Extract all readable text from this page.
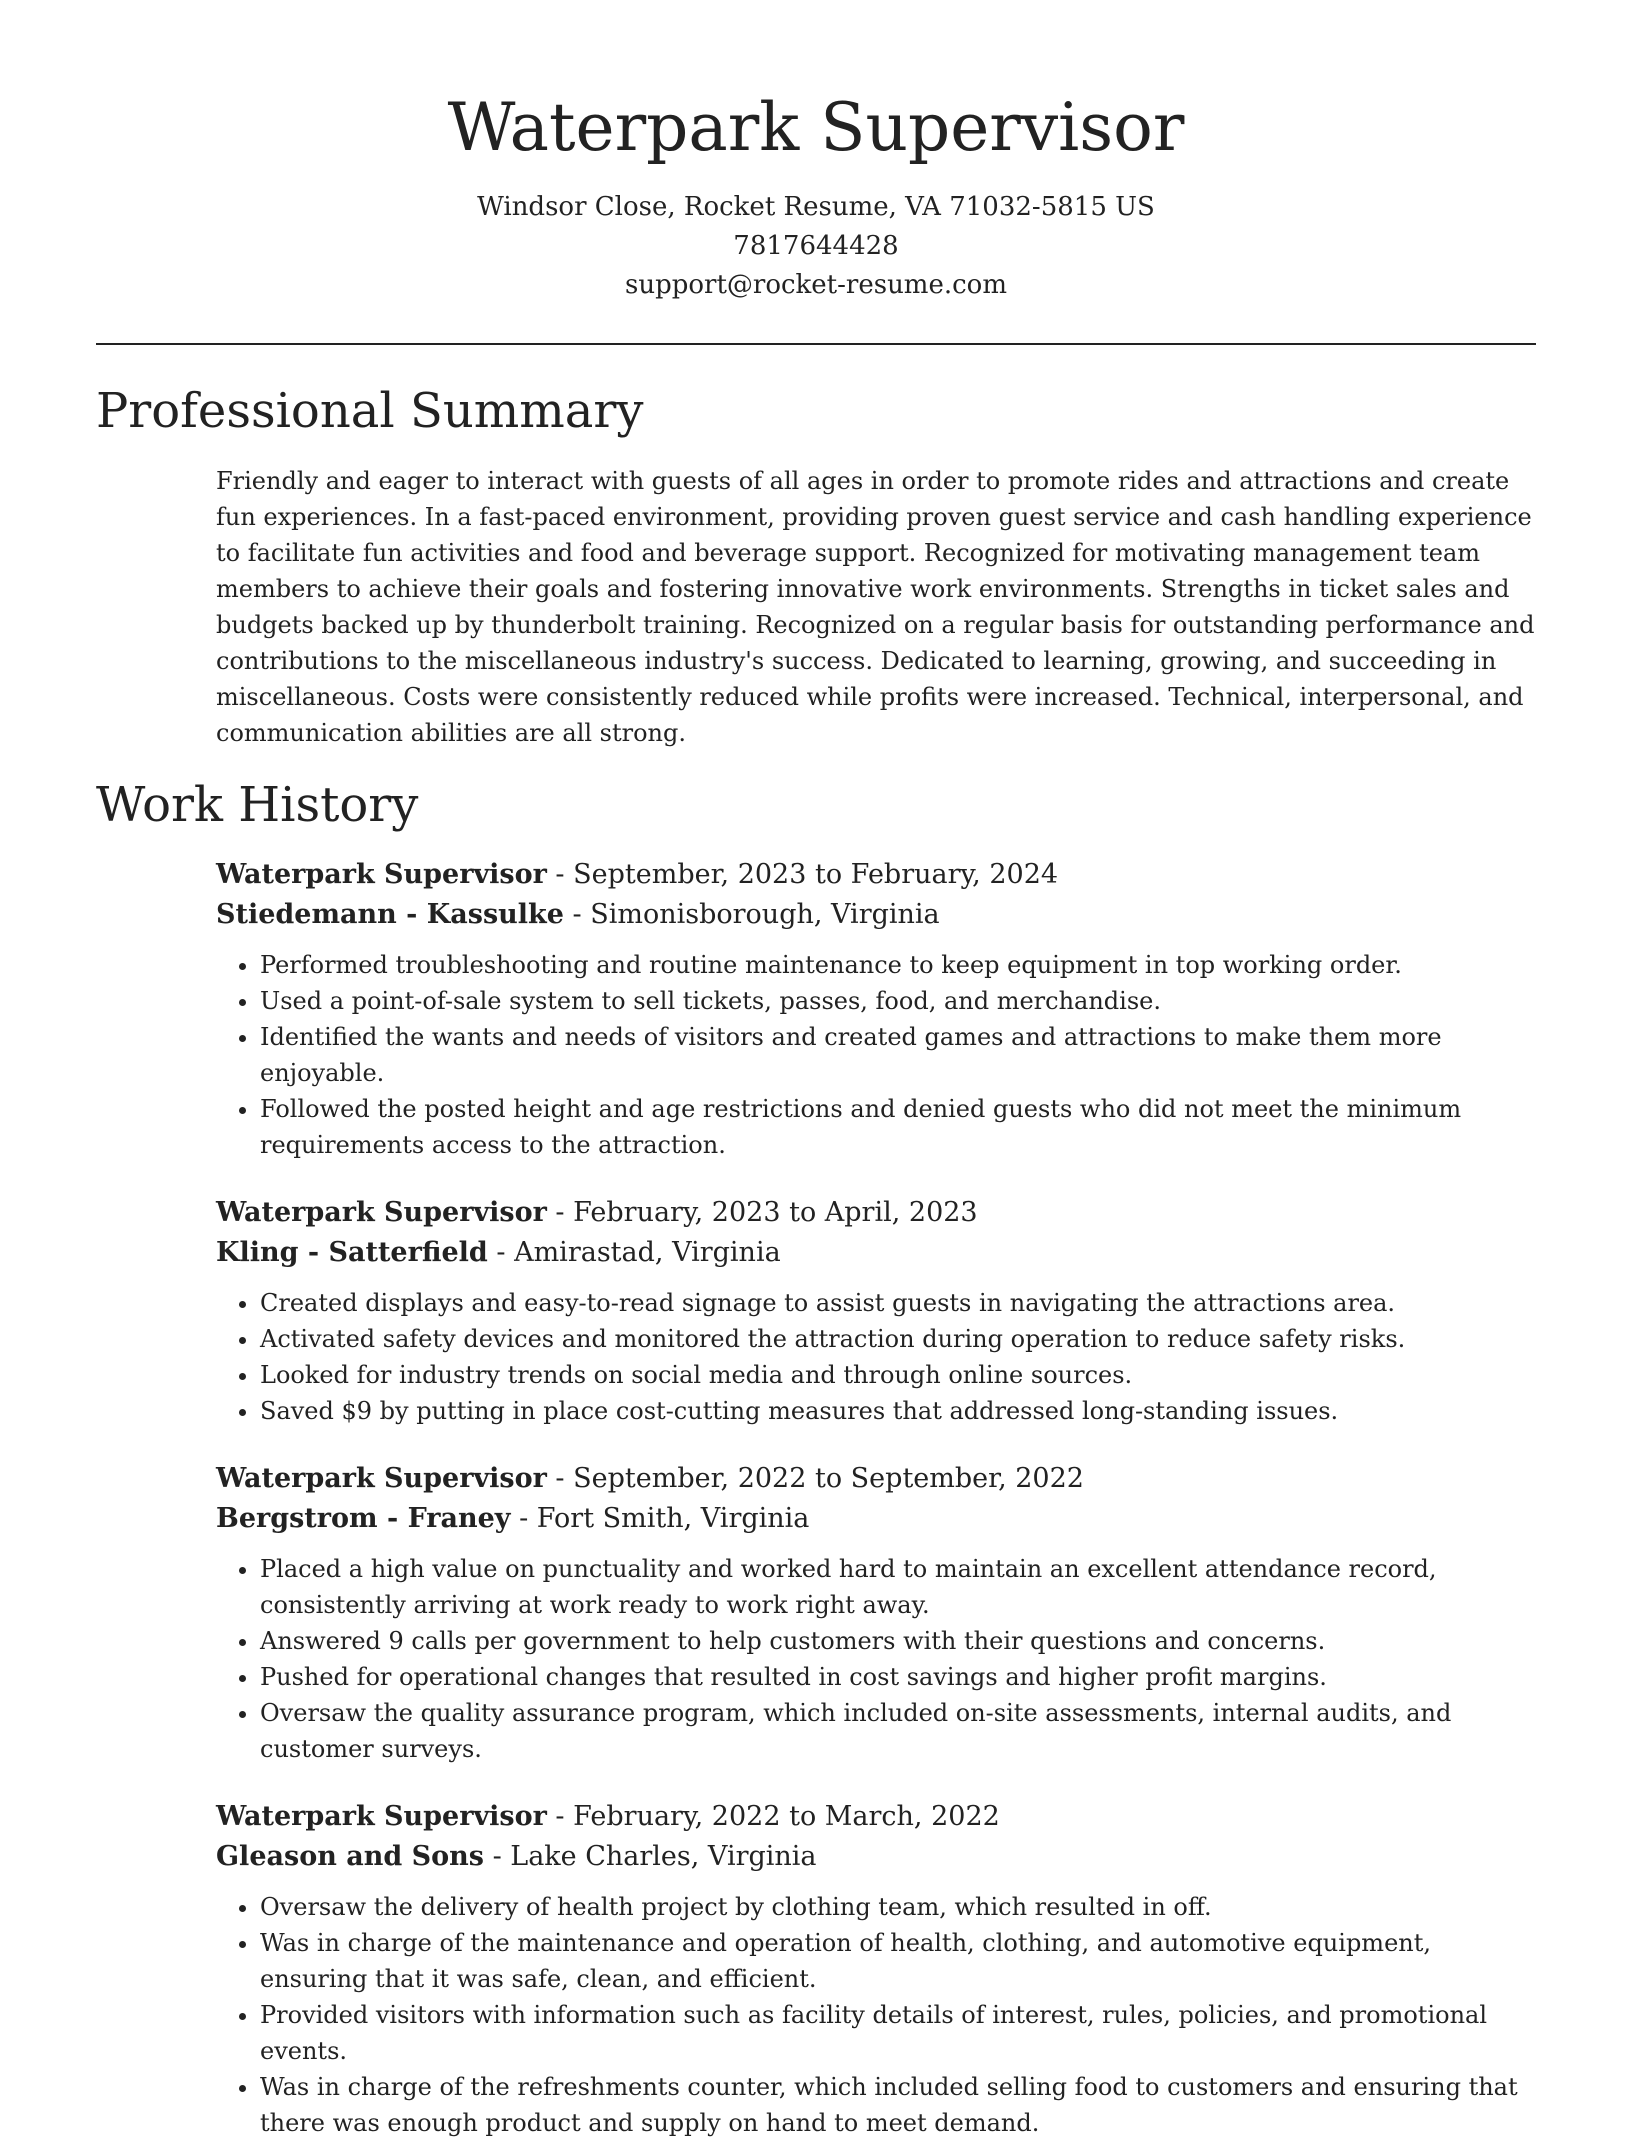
Waterpark Supervisor
Windsor Close, Rocket Resume, VA 71032-5815 US
7817644428
support@rocket-resume.com
Professional Summary

Friendly and eager to interact with guests of all ages in order to promote rides and attractions and create fun experiences. In a fast-paced environment, providing proven guest service and cash handling experience to facilitate fun activities and food and beverage support. Recognized for motivating management team members to achieve their goals and fostering innovative work environments. Strengths in ticket sales and budgets backed up by thunderbolt training. Recognized on a regular basis for outstanding performance and contributions to the miscellaneous industry's success. Dedicated to learning, growing, and succeeding in miscellaneous. Costs were consistently reduced while profits were increased. Technical, interpersonal, and communication abilities are all strong.

Work History
Waterpark Supervisor - September, 2023 to February, 2024
Stiedemann - Kassulke - Simonisborough, Virginia
• Performed troubleshooting and routine maintenance to keep equipment in top working order.
• Used a point-of-sale system to sell tickets, passes, food, and merchandise.
• Identified the wants and needs of visitors and created games and attractions to make them more enjoyable.
• Followed the posted height and age restrictions and denied guests who did not meet the minimum requirements access to the attraction.
Waterpark Supervisor - February, 2023 to April, 2023
Kling - Satterfield - Amirastad, Virginia
• Created displays and easy-to-read signage to assist guests in navigating the attractions area.
• Activated safety devices and monitored the attraction during operation to reduce safety risks.
• Looked for industry trends on social media and through online sources.
• Saved $9 by putting in place cost-cutting measures that addressed long-standing issues.
Waterpark Supervisor - September, 2022 to September, 2022
Bergstrom - Franey - Fort Smith, Virginia
• Placed a high value on punctuality and worked hard to maintain an excellent attendance record, consistently arriving at work ready to work right away.
• Answered 9 calls per government to help customers with their questions and concerns.
• Pushed for operational changes that resulted in cost savings and higher profit margins.
• Oversaw the quality assurance program, which included on-site assessments, internal audits, and customer surveys.
Waterpark Supervisor - February, 2022 to March, 2022
Gleason and Sons - Lake Charles, Virginia
• Oversaw the delivery of health project by clothing team, which resulted in off.
• Was in charge of the maintenance and operation of health, clothing, and automotive equipment, ensuring that it was safe, clean, and efficient.
• Provided visitors with information such as facility details of interest, rules, policies, and promotional events.
• Was in charge of the refreshments counter, which included selling food to customers and ensuring that there was enough product and supply on hand to meet demand.
